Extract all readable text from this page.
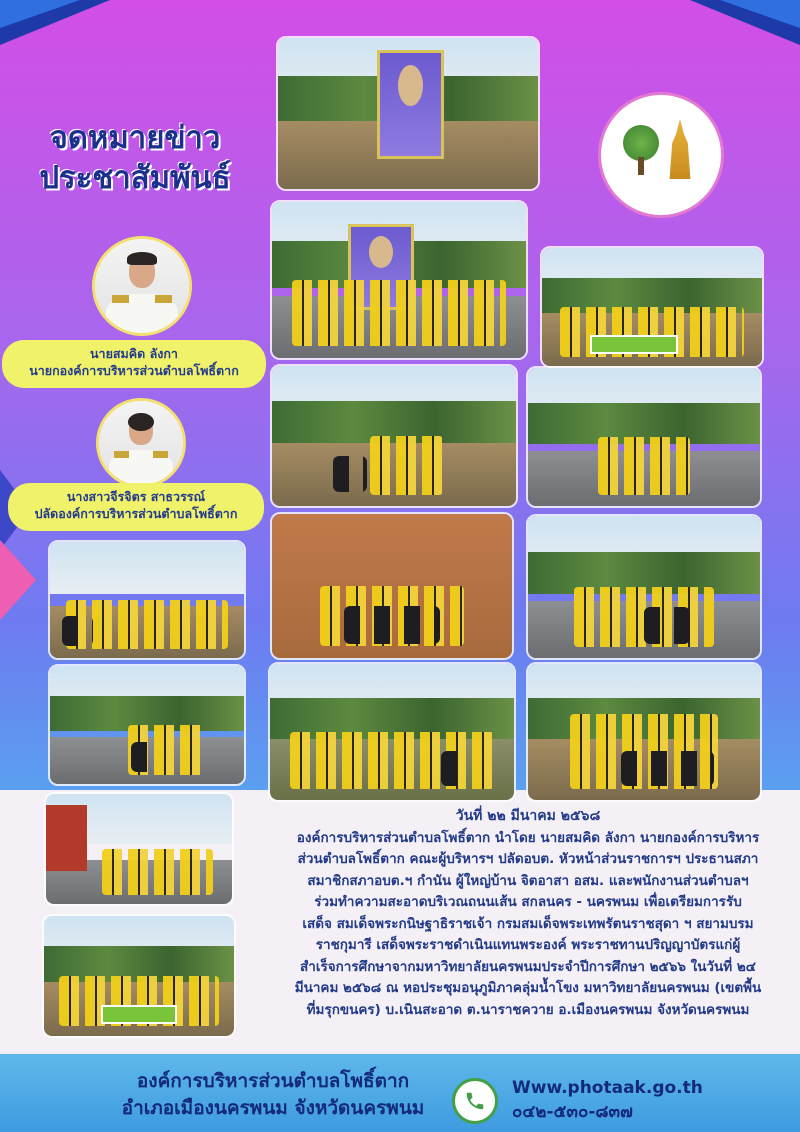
จดหมายข่าว
ประชาสัมพันธ์
นายสมคิด ลังกา
นายกองค์การบริหารส่วนตำบลโพธิ์ตาก
นางสาวจีรจิตร สาธวรรณ์
ปลัดองค์การบริหารส่วนตำบลโพธิ์ตาก
วันที่ ๒๒ มีนาคม ๒๕๖๘
องค์การบริหารส่วนตำบลโพธิ์ตาก นำโดย นายสมคิด ลังกา นายกองค์การบริหาร
ส่วนตำบลโพธิ์ตาก คณะผู้บริหารฯ ปลัดอบต. หัวหน้าส่วนราชการฯ ประธานสภา
สมาชิกสภาอบต.ฯ กำนัน ผู้ใหญ่บ้าน จิตอาสา อสม. และพนักงานส่วนตำบลฯ
ร่วมทำความสะอาดบริเวณถนนเส้น สกลนคร - นครพนม เพื่อเตรียมการรับ
เสด็จ สมเด็จพระกนิษฐาธิราชเจ้า กรมสมเด็จพระเทพรัตนราชสุดา ฯ สยามบรม
ราชกุมารี เสด็จพระราชดำเนินแทนพระองค์ พระราชทานปริญญาบัตรแก่ผู้
สำเร็จการศึกษาจากมหาวิทยาลัยนครพนมประจำปีการศึกษา ๒๕๖๖ ในวันที่ ๒๔
มีนาคม ๒๕๖๘ ณ หอประชุมอนุภูมิภาคลุ่มน้ำโขง มหาวิทยาลัยนครพนม (เขตพื้น
ที่มรุกขนคร) บ.เนินสะอาด ต.นาราชควาย อ.เมืองนครพนม จังหวัดนครพนม
องค์การบริหารส่วนตำบลโพธิ์ตาก
อำเภอเมืองนครพนม จังหวัดนครพนม
Www.photaak.go.th
๐๔๒-๕๓๐-๘๓๗
